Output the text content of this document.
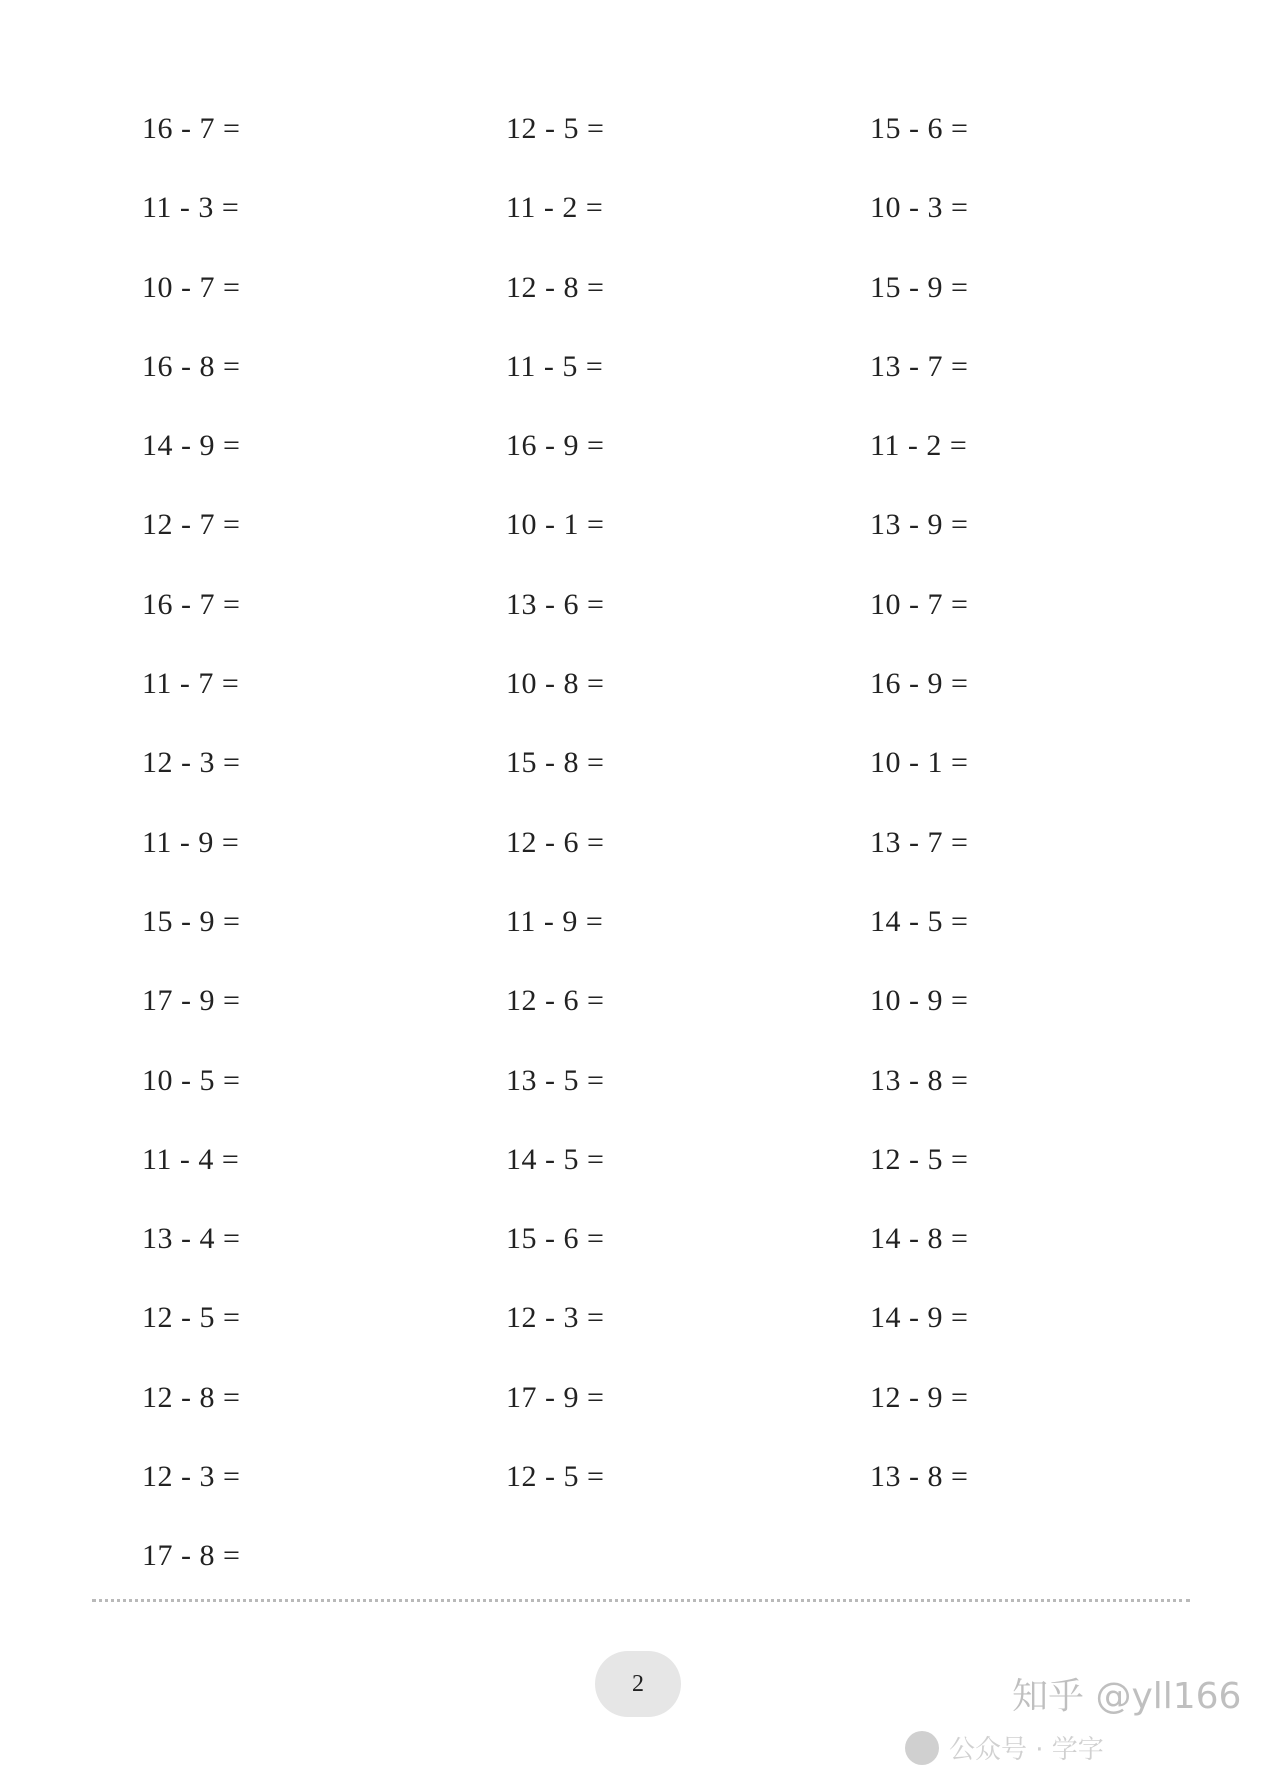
16 - 7 =	12 - 5 =	15 - 6 =
11 - 3 =	11 - 2 =	10 - 3 =
10 - 7 =	12 - 8 =	15 - 9 =
16 - 8 =	11 - 5 =	13 - 7 =
14 - 9 =	16 - 9 =	11 - 2 =
12 - 7 =	10 - 1 =	13 - 9 =
16 - 7 =	13 - 6 =	10 - 7 =
11 - 7 =	10 - 8 =	16 - 9 =
12 - 3 =	15 - 8 =	10 - 1 =
11 - 9 =	12 - 6 =	13 - 7 =
15 - 9 =	11 - 9 =	14 - 5 =
17 - 9 =	12 - 6 =	10 - 9 =
10 - 5 =	13 - 5 =	13 - 8 =
11 - 4 =	14 - 5 =	12 - 5 =
13 - 4 =	15 - 6 =	14 - 8 =
12 - 5 =	12 - 3 =	14 - 9 =
12 - 8 =	17 - 9 =	12 - 9 =
12 - 3 =	12 - 5 =	13 - 8 =
17 - 8 =
2	知乎 @yll166
公众号 · 学字
